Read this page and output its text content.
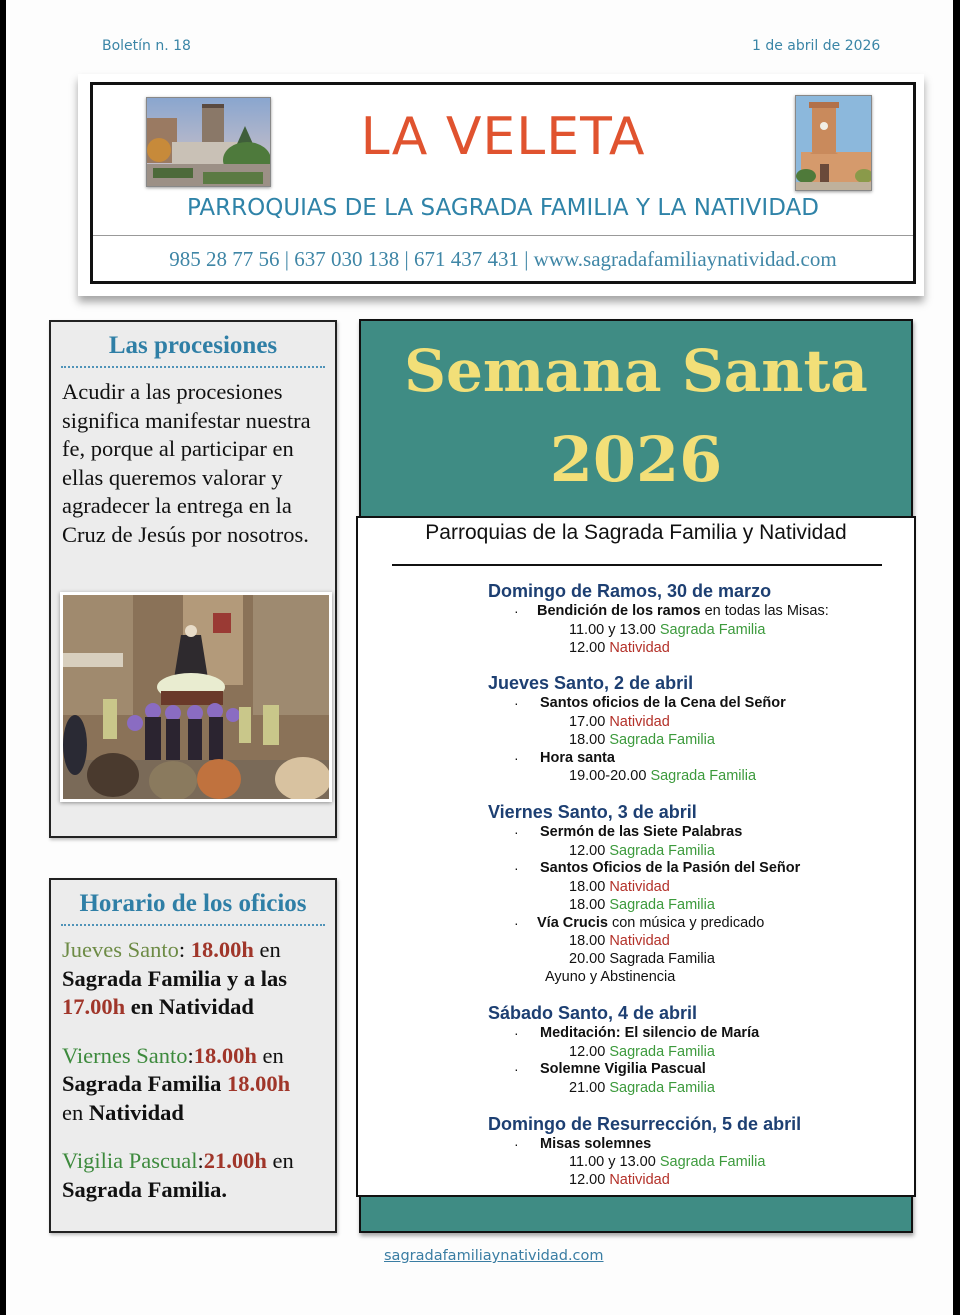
Boletín n. 18	1 de abril de 2026
LA VELETA
PARROQUIAS DE LA SAGRADA FAMILIA Y LA NATIVIDAD
985 28 77 56 | 637 030 138 | 671 437 431 | www.sagradafamiliaynatividad.com
Las procesiones
Acudir a las procesiones
significa manifestar nuestra
fe, porque al participar en
ellas queremos valorar y
agradecer la entrega en la
Cruz de Jesús por nosotros.
Horario de los oficios

Jueves Santo: 18.00h en
Sagrada Familia y a las
17.00h en Natividad

Viernes Santo:18.00h en
Sagrada Familia 18.00h
en Natividad

Vigilia Pascual:21.00h en
Sagrada Familia.

Semana Santa
2026
Parroquias de la Sagrada Familia y Natividad
Domingo de Ramos, 30 de marzo
· Bendición de los ramos en todas las Misas:
11.00 y 13.00 Sagrada Familia
12.00 Natividad
Jueves Santo, 2 de abril
· Santos oficios de la Cena del Señor
17.00 Natividad
18.00 Sagrada Familia
· Hora santa
19.00-20.00 Sagrada Familia
Viernes Santo, 3 de abril
· Sermón de las Siete Palabras
12.00 Sagrada Familia
· Santos Oficios de la Pasión del Señor
18.00 Natividad
18.00 Sagrada Familia
· Vía Crucis con música y predicado
18.00 Natividad
20.00 Sagrada Familia
Ayuno y Abstinencia
Sábado Santo, 4 de abril
· Meditación: El silencio de María
12.00 Sagrada Familia
· Solemne Vigilia Pascual
21.00 Sagrada Familia
Domingo de Resurrección, 5 de abril
· Misas solemnes
11.00 y 13.00 Sagrada Familia
12.00 Natividad
sagradafamiliaynatividad.com
